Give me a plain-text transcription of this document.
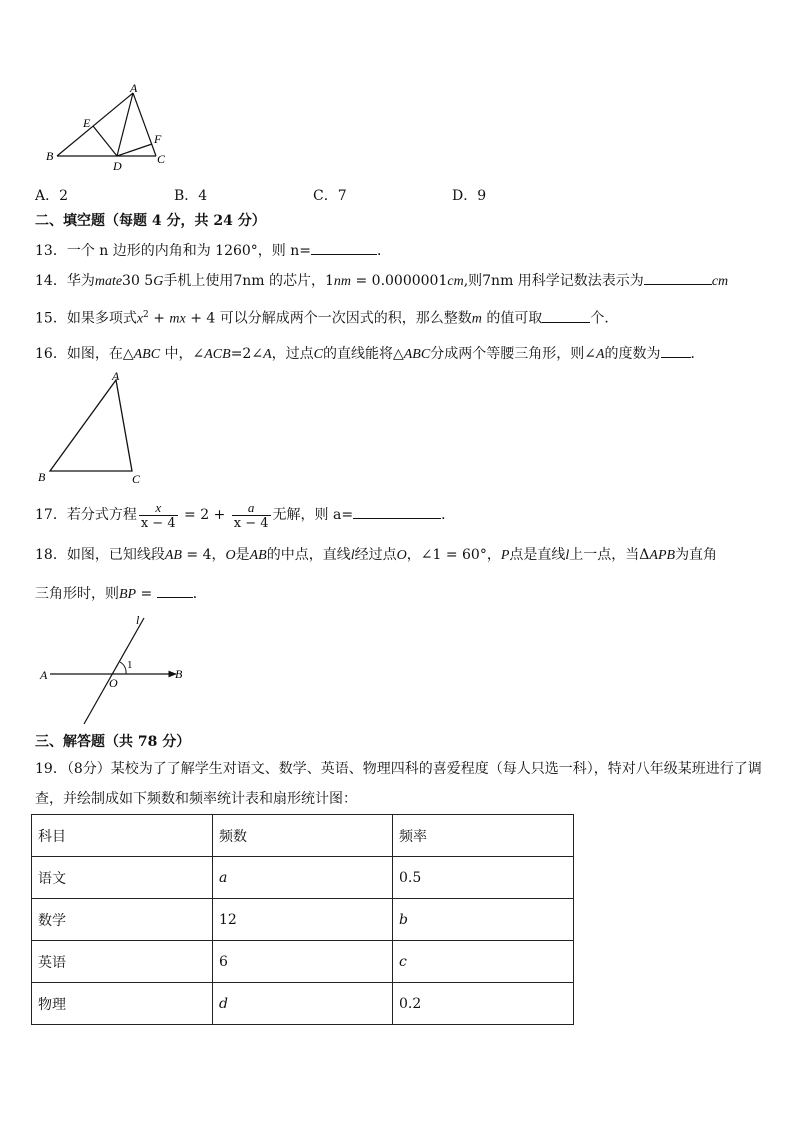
A
E
F
B	C
D
A．2	B．4	C．7	D．9
二、填空题（每题 4 分，共 24 分）
13．一个 n 边形的内角和为 1260°，则 n=	．
14．华为mate30 5G手机上使用7nm 的芯片，1nm = 0.0000001cm,则7nm 用科学记数法表示为	cm
15．如果多项式$x^2$ + mx + 4 可以分解成两个一次因式的积，那么整数m 的值可取	个．
16．如图，在△ABC 中，∠ACB=2∠A，过点C的直线能将△ABC分成两个等腰三角形，则∠A的度数为 ．
A
B	C
17．若分式方程 $\frac{x}{x - 4} = 2 + \frac{a}{x - 4}$ 无解，则 a=	．
18．如图，已知线段AB = 4，O是AB的中点，直线l经过点O，∠1 = 60°，P点是直线l上一点，当ΔAPB为直角
三角形时，则BP =	．
l
1
A
O
B
三、解答题（共 78 分）
19．（8分）某校为了了解学生对语文、数学、英语、物理四科的喜爱程度（每人只选一科），特对八年级某班进行了调
查，并绘制成如下频数和频率统计表和扇形统计图：
科目	频数	频率
语文	a	0.5
数学	12	b
英语	6	c
物理	d	0.2
